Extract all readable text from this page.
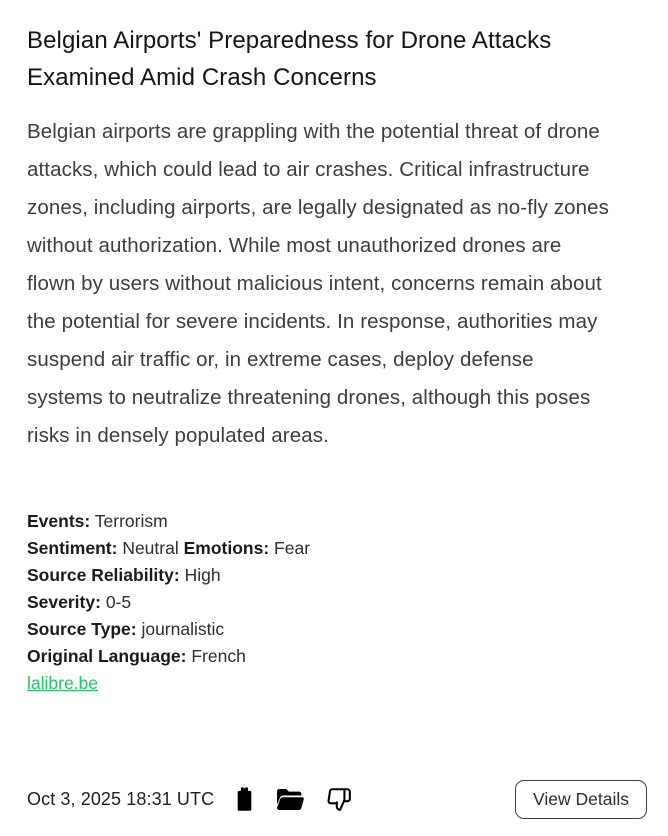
Belgian Airports' Preparedness for Drone Attacks Examined Amid Crash Concerns
Belgian airports are grappling with the potential threat of drone attacks, which could lead to air crashes. Critical infrastructure zones, including airports, are legally designated as no-fly zones without authorization. While most unauthorized drones are flown by users without malicious intent, concerns remain about the potential for severe incidents. In response, authorities may suspend air traffic or, in extreme cases, deploy defense systems to neutralize threatening drones, although this poses risks in densely populated areas.
Events: Terrorism
Sentiment: Neutral Emotions: Fear
Source Reliability: High
Severity: 0-5
Source Type: journalistic
Original Language: French
lalibre.be
Oct 3, 2025 18:31 UTC	View Details
